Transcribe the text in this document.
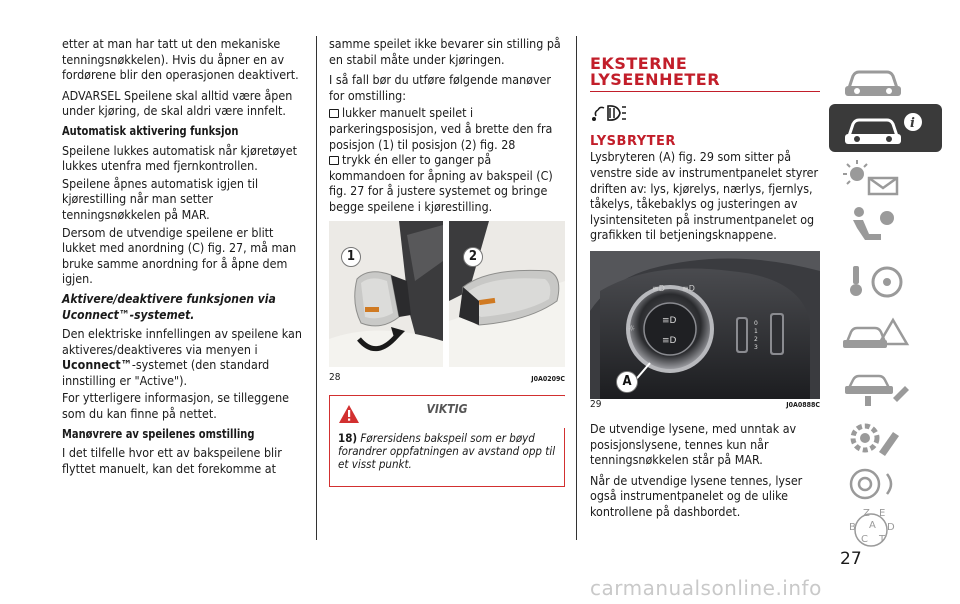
etter at man har tatt ut den mekaniske tenningsnøkkelen). Hvis du åpner en av fordørene blir den operasjonen deaktivert.

ADVARSEL Speilene skal alltid være åpen under kjøring, de skal aldri være innfelt.

Automatisk aktivering funksjon

Speilene lukkes automatisk når kjøretøyet lukkes utenfra med fjernkontrollen.

Speilene åpnes automatisk igjen til kjørestilling når man setter tenningsnøkkelen på MAR.

Dersom de utvendige speilene er blitt lukket med anordning (C) fig. 27, må man bruke samme anordning for å åpne dem igjen.

Aktivere/deaktivere funksjonen via Uconnect™-systemet.

Den elektriske innfellingen av speilene kan aktiveres/deaktiveres via menyen i Uconnect™-systemet (den standard innstilling er "Active").

For ytterligere informasjon, se tilleggene som du kan finne på nettet.

Manøvrere av speilenes omstilling

I det tilfelle hvor ett av bakspeilene blir flyttet manuelt, kan det forekomme at

samme speilet ikke bevarer sin stilling på en stabil måte under kjøringen.

I så fall bør du utføre følgende manøver for omstilling:

lukker manuelt speilet i parkeringsposisjon, ved å brette den fra posisjon (1) til posisjon (2) fig. 28

trykk én eller to ganger på kommandoen for åpning av bakspeil (C) fig. 27 for å justere systemet og bringe begge speilene i kjørestilling.

1	2
28	J0A0209C
VIKTIG
18) Førersidens bakspeil som er bøyd forandrer oppfatningen av avstand opp til et visst punkt.
EKSTERNE LYSEENHETER
LYSBRYTER

Lysbryteren (A) fig. 29 som sitter på venstre side av instrumentpanelet styrer driften av: lys, kjørelys, nærlys, fjernlys, tåkelys, tåkebaklys og justeringen av lysintensiteten på instrumentpanelet og grafikken til betjeningsknappene.

≡D
≡D
☼
≡D ≡D
0
1
2
3
A
29	J0A0888C

De utvendige lysene, med unntak av posisjonslysene, tennes kun når tenningsnøkkelen står på MAR.

Når de utvendige lysene tennes, lyser også instrumentpanelet og de ulike kontrollene på dashbordet.

i
Z E
B A D
C T
27
carmanualsonline.info
